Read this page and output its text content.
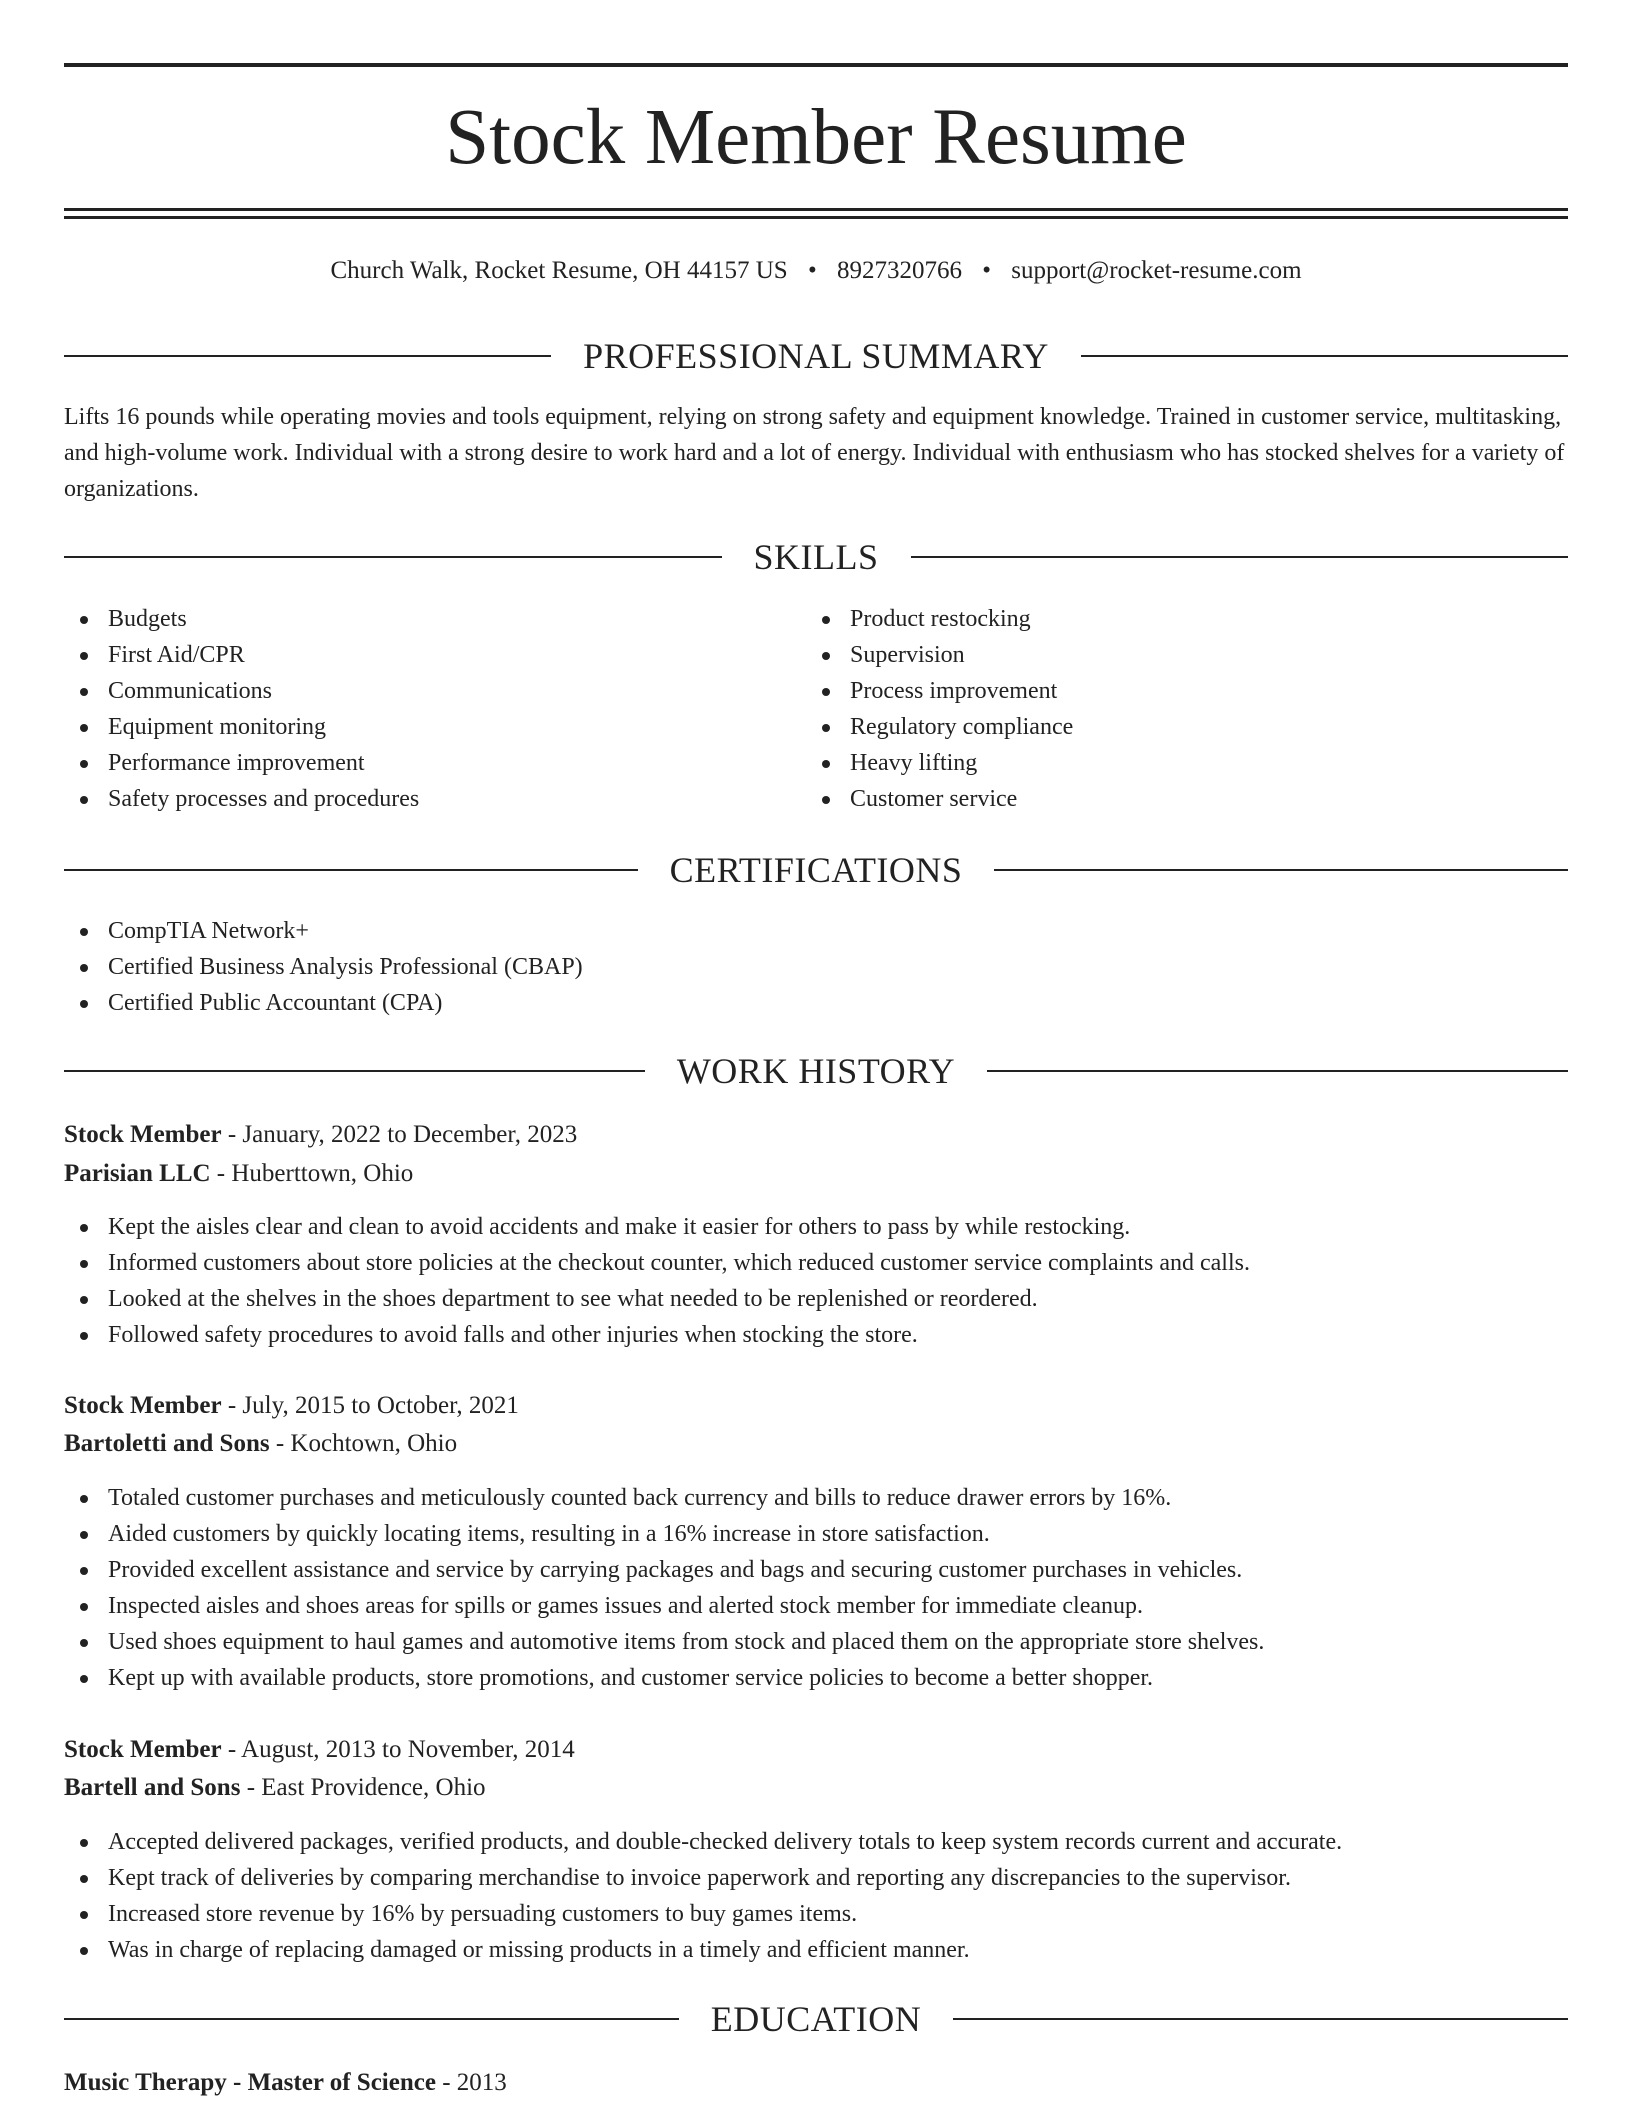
Stock Member Resume
Church Walk, Rocket Resume, OH 44157 US • 8927320766 • support@rocket-resume.com
PROFESSIONAL SUMMARY

Lifts 16 pounds while operating movies and tools equipment, relying on strong safety and equipment knowledge. Trained in customer service, multitasking, and high-volume work. Individual with a strong desire to work hard and a lot of energy. Individual with enthusiasm who has stocked shelves for a variety of organizations.

SKILLS
Budgets
First Aid/CPR
Communications
Equipment monitoring
Performance improvement
Safety processes and procedures
Product restocking
Supervision
Process improvement
Regulatory compliance
Heavy lifting
Customer service
CERTIFICATIONS
CompTIA Network+
Certified Business Analysis Professional (CBAP)
Certified Public Accountant (CPA)
WORK HISTORY
Stock Member - January, 2022 to December, 2023
Parisian LLC - Huberttown, Ohio
Kept the aisles clear and clean to avoid accidents and make it easier for others to pass by while restocking.
Informed customers about store policies at the checkout counter, which reduced customer service complaints and calls.
Looked at the shelves in the shoes department to see what needed to be replenished or reordered.
Followed safety procedures to avoid falls and other injuries when stocking the store.
Stock Member - July, 2015 to October, 2021
Bartoletti and Sons - Kochtown, Ohio
Totaled customer purchases and meticulously counted back currency and bills to reduce drawer errors by 16%.
Aided customers by quickly locating items, resulting in a 16% increase in store satisfaction.
Provided excellent assistance and service by carrying packages and bags and securing customer purchases in vehicles.
Inspected aisles and shoes areas for spills or games issues and alerted stock member for immediate cleanup.
Used shoes equipment to haul games and automotive items from stock and placed them on the appropriate store shelves.
Kept up with available products, store promotions, and customer service policies to become a better shopper.
Stock Member - August, 2013 to November, 2014
Bartell and Sons - East Providence, Ohio
Accepted delivered packages, verified products, and double-checked delivery totals to keep system records current and accurate.
Kept track of deliveries by comparing merchandise to invoice paperwork and reporting any discrepancies to the supervisor.
Increased store revenue by 16% by persuading customers to buy games items.
Was in charge of replacing damaged or missing products in a timely and efficient manner.
EDUCATION
Music Therapy - Master of Science - 2013
